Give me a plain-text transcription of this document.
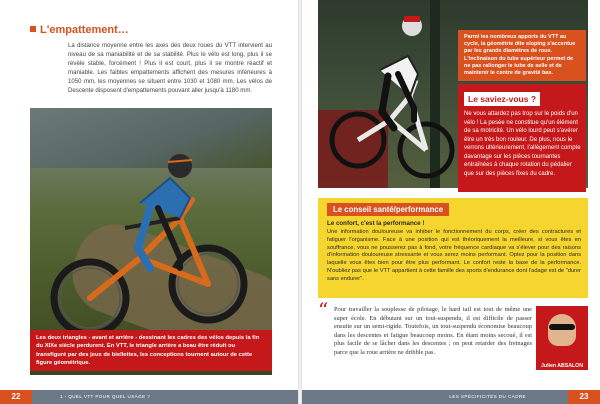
L'empattement…

La distance moyenne entre les axes des deux roues du VTT intervient au niveau de sa maniabilité et de sa stabilité. Plus le vélo est long, plus il se révèle stable, forcément ! Plus il est court, plus il se montre réactif et maniable. Les faibles empattements affichent des mesures inférieures à 1050 mm, les moyennes se situent entre 1030 et 1080 mm. Les vélos de Descente disposent d'empattements pouvant aller jusqu'à 1180 mm.

Les deux triangles - avant et arrière - dessinant les cadres des vélos depuis la fin du XIXe siècle perdurent. En VTT, le triangle arrière a beau être réduit ou transfiguré par des jeux de biellettes, les conceptions tournent autour de cette figure géométrique.
1 - QUEL VTT POUR QUEL USAGE ?
22
Parmi les nombreux apports du VTT au cycle, la géométrie dite sloping s'accentue par les grands diamètres de roue. L'inclinaison du tube supérieur permet de ne pas rallonger le tube de selle et de maintenir le centre de gravité bas.
Le saviez-vous ?

Ne vous attardez pas trop sur le poids d'un vélo ! La pesée ne constitue qu'un élément de sa motricité. Un vélo lourd peut s'avérer être un très bon rouleur. De plus, nous le verrons ultérieurement, l'allègement compte davantage sur les pièces tournantes entraînées à chaque rotation du pédalier que sur des pièces fixes du cadre.

Le conseil santé/performance
Le confort, c'est la performance !

Une information douloureuse va inhiber le fonctionnement du corps, créer des contractures et fatiguer l'organisme. Face à une position qui est théoriquement la meilleure, si vous êtes en souffrance, vous ne pousserez pas à fond, votre fréquence cardiaque va s'élever pour des raisons d'information douloureuse stressante et vous serez moins performant. Optez pour la position dans laquelle vous êtes bien pour être plus performant. Le confort reste la base de la performance. N'oubliez pas que le VTT appartient à cette famille des sports d'endurance dont l'adage est de "durer sans endurer".

“ Pour travailler la souplesse de pilotage, le hard tail est tout de même une super école. En débutant sur un tout-suspendu, il est difficile de passer ensuite sur un semi-rigide. Toutefois, un tout-suspendu économise beaucoup dans les descentes et fatigue beaucoup moins. En étant moins secoué, il est plus facile de se lâcher dans les descentes ; on peut retarder des freinages parce que la roue arrière ne dribble pas.

Julien ABSALON
LES SPÉCIFICITÉS DU CADRE	23
